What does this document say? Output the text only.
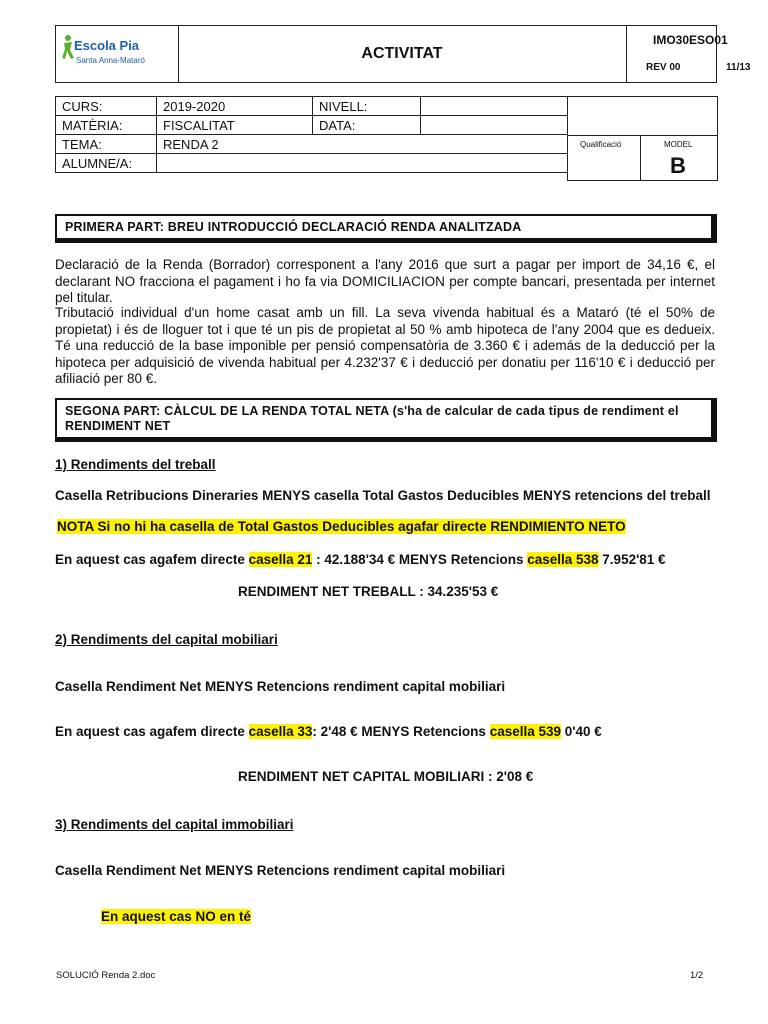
Escola Pia
Santa Anna-Mataró	ACTIVITAT
IMO30ESO01
REV 00	11/13
CURS:	2019-2020	NIVELL:	
MATÈRIA:	FISCALITAT	DATA:	
TEMA:	RENDA 2		
ALUMNE/A:			
Qualificació	MODEL
B
PRIMERA PART: BREU INTRODUCCIÓ DECLARACIÓ RENDA ANALITZADA
Declaració de la Renda (Borrador) corresponent a l'any 2016 que surt a pagar per import de 34,16 €, el declarant NO fracciona el pagament i ho fa via DOMICILIACION per compte bancari, presentada per internet pel titular.
Tributació individual d'un home casat amb un fill. La seva vivenda habitual és a Mataró (té el 50% de propietat) i és de lloguer tot i que té un pis de propietat al 50 % amb hipoteca de l'any 2004 que es dedueix. Té una reducció de la base imponible per pensió compensatòria de 3.360 € i además de la deducció per la hipoteca per adquisició de vivenda habitual per 4.232'37 € i deducció per donatiu per 116'10 € i deducció per afiliació per 80 €.
SEGONA PART: CÀLCUL DE LA RENDA TOTAL NETA (s'ha de calcular de cada tipus de rendiment el RENDIMENT NET
1) Rendiments del treball
Casella Retribucions Dineraries MENYS casella Total Gastos Deducibles MENYS retencions del treball
NOTA Si no hi ha casella de Total Gastos Deducibles agafar directe RENDIMIENTO NETO
En aquest cas agafem directe casella 21 : 42.188'34 € MENYS Retencions casella 538 7.952'81 €
RENDIMENT NET TREBALL : 34.235'53 €
2) Rendiments del capital mobiliari
Casella Rendiment Net MENYS Retencions rendiment capital mobiliari
En aquest cas agafem directe casella 33: 2'48 € MENYS Retencions casella 539 0'40 €
RENDIMENT NET CAPITAL MOBILIARI : 2'08 €
3) Rendiments del capital immobiliari
Casella Rendiment Net MENYS Retencions rendiment capital mobiliari
En aquest cas NO en té
SOLUCIÓ Renda 2.doc	1/2
